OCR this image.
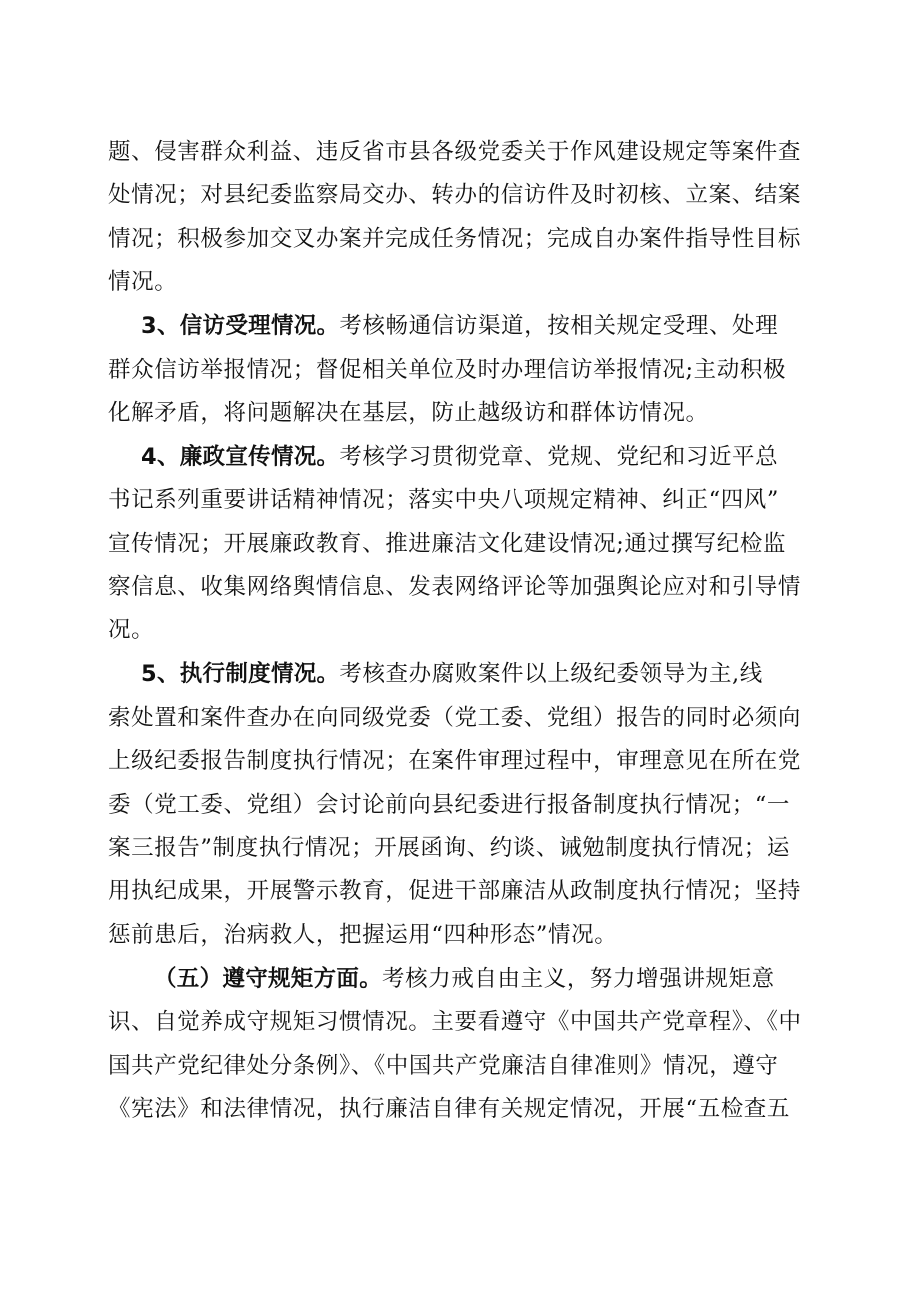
题、侵害群众利益、违反省市县各级党委关于作风建设规定等案件查
处情况；对县纪委监察局交办、转办的信访件及时初核、立案、结案
情况；积极参加交叉办案并完成任务情况；完成自办案件指导性目标
情况。
3、信访受理情况。考核畅通信访渠道，按相关规定受理、处理
群众信访举报情况；督促相关单位及时办理信访举报情况;主动积极
化解矛盾，将问题解决在基层，防止越级访和群体访情况。
4、廉政宣传情况。考核学习贯彻党章、党规、党纪和习近平总
书记系列重要讲话精神情况；落实中央八项规定精神、纠正“四风”
宣传情况；开展廉政教育、推进廉洁文化建设情况;通过撰写纪检监
察信息、收集网络舆情信息、发表网络评论等加强舆论应对和引导情
况。
5、执行制度情况。考核查办腐败案件以上级纪委领导为主,线
索处置和案件查办在向同级党委（党工委、党组）报告的同时必须向
上级纪委报告制度执行情况；在案件审理过程中，审理意见在所在党
委（党工委、党组）会讨论前向县纪委进行报备制度执行情况；“一
案三报告”制度执行情况；开展函询、约谈、诫勉制度执行情况；运
用执纪成果，开展警示教育，促进干部廉洁从政制度执行情况；坚持
惩前患后，治病救人，把握运用“四种形态”情况。
（五）遵守规矩方面。考核力戒自由主义，努力增强讲规矩意
识、自觉养成守规矩习惯情况。主要看遵守《中国共产党章程》、《中
国共产党纪律处分条例》、《中国共产党廉洁自律准则》情况，遵守
《宪法》和法律情况，执行廉洁自律有关规定情况，开展“五检查五
